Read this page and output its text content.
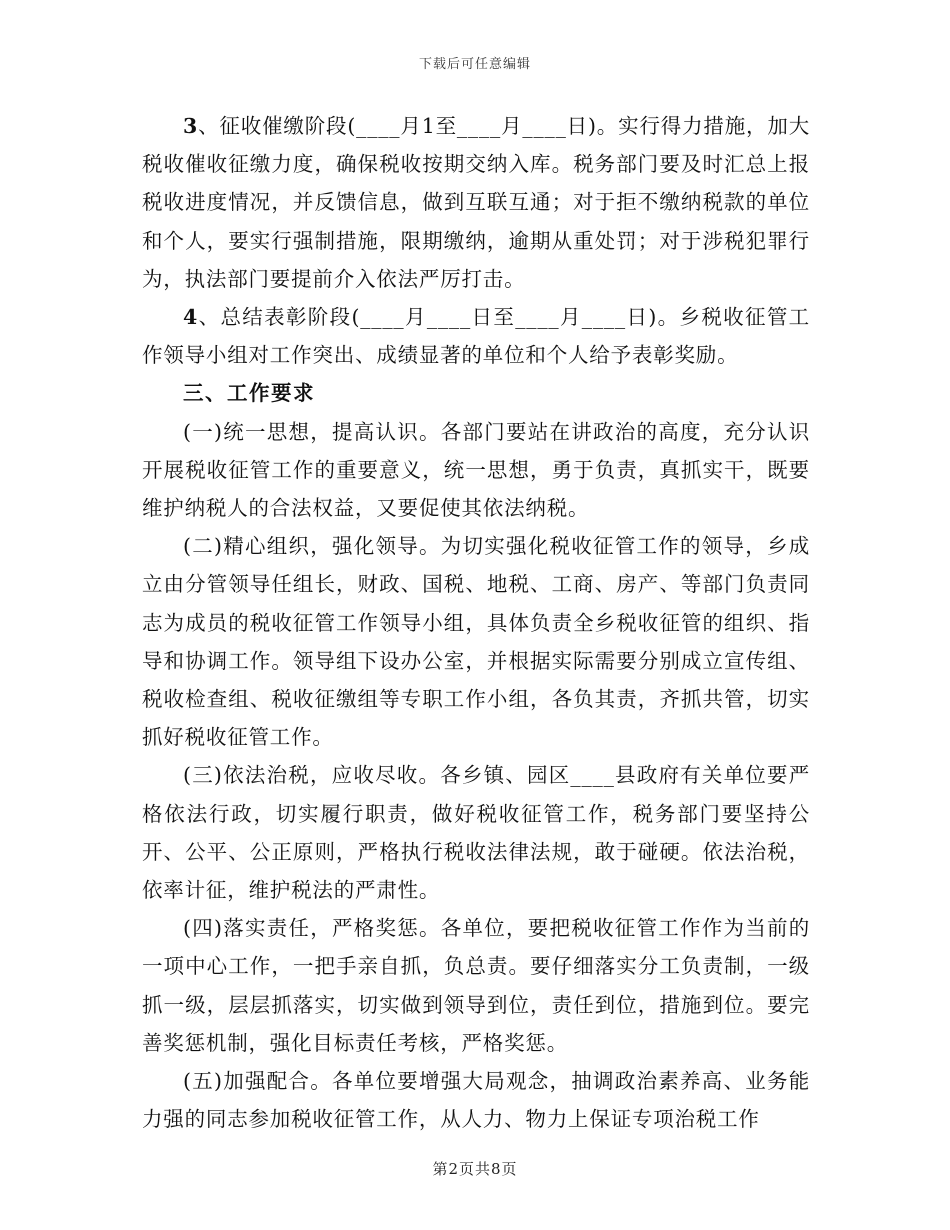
下载后可任意编辑

3、征收催缴阶段(____月1至____月____日)。实行得力措施，加大税收催收征缴力度，确保税收按期交纳入库。税务部门要及时汇总上报税收进度情况，并反馈信息，做到互联互通；对于拒不缴纳税款的单位和个人，要实行强制措施，限期缴纳，逾期从重处罚；对于涉税犯罪行为，执法部门要提前介入依法严厉打击。

4、总结表彰阶段(____月____日至____月____日)。乡税收征管工作领导小组对工作突出、成绩显著的单位和个人给予表彰奖励。

三、工作要求

(一)统一思想，提高认识。各部门要站在讲政治的高度，充分认识开展税收征管工作的重要意义，统一思想，勇于负责，真抓实干，既要维护纳税人的合法权益，又要促使其依法纳税。

(二)精心组织，强化领导。为切实强化税收征管工作的领导，乡成立由分管领导任组长，财政、国税、地税、工商、房产、等部门负责同志为成员的税收征管工作领导小组，具体负责全乡税收征管的组织、指导和协调工作。领导组下设办公室，并根据实际需要分别成立宣传组、税收检查组、税收征缴组等专职工作小组，各负其责，齐抓共管，切实抓好税收征管工作。

(三)依法治税，应收尽收。各乡镇、园区____县政府有关单位要严格依法行政，切实履行职责，做好税收征管工作，税务部门要坚持公开、公平、公正原则，严格执行税收法律法规，敢于碰硬。依法治税，依率计征，维护税法的严肃性。

(四)落实责任，严格奖惩。各单位，要把税收征管工作作为当前的一项中心工作，一把手亲自抓，负总责。要仔细落实分工负责制，一级抓一级，层层抓落实，切实做到领导到位，责任到位，措施到位。要完善奖惩机制，强化目标责任考核，严格奖惩。

(五)加强配合。各单位要增强大局观念，抽调政治素养高、业务能力强的同志参加税收征管工作，从人力、物力上保证专项治税工作

第2页共8页
